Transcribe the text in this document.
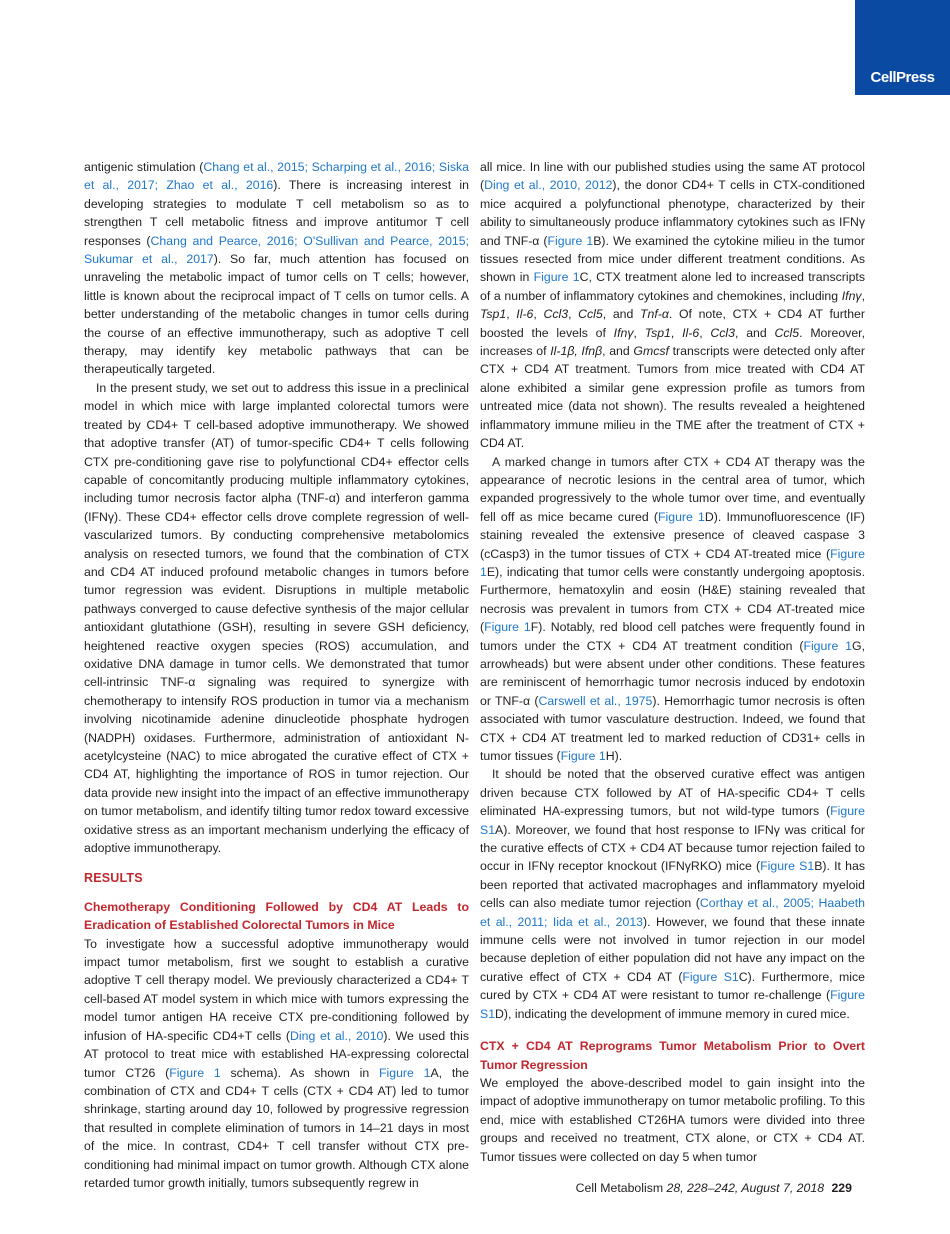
CellPress

antigenic stimulation (Chang et al., 2015; Scharping et al., 2016; Siska et al., 2017; Zhao et al., 2016). There is increasing interest in developing strategies to modulate T cell metabolism so as to strengthen T cell metabolic fitness and improve antitumor T cell responses (Chang and Pearce, 2016; O'Sullivan and Pearce, 2015; Sukumar et al., 2017). So far, much attention has focused on unraveling the metabolic impact of tumor cells on T cells; however, little is known about the reciprocal impact of T cells on tumor cells. A better understanding of the metabolic changes in tumor cells during the course of an effective immunotherapy, such as adoptive T cell therapy, may identify key metabolic pathways that can be therapeutically targeted.

In the present study, we set out to address this issue in a preclinical model in which mice with large implanted colorectal tumors were treated by CD4+ T cell-based adoptive immunotherapy. We showed that adoptive transfer (AT) of tumor-specific CD4+ T cells following CTX pre-conditioning gave rise to polyfunctional CD4+ effector cells capable of concomitantly producing multiple inflammatory cytokines, including tumor necrosis factor alpha (TNF-α) and interferon gamma (IFNγ). These CD4+ effector cells drove complete regression of well-vascularized tumors. By conducting comprehensive metabolomics analysis on resected tumors, we found that the combination of CTX and CD4 AT induced profound metabolic changes in tumors before tumor regression was evident. Disruptions in multiple metabolic pathways converged to cause defective synthesis of the major cellular antioxidant glutathione (GSH), resulting in severe GSH deficiency, heightened reactive oxygen species (ROS) accumulation, and oxidative DNA damage in tumor cells. We demonstrated that tumor cell-intrinsic TNF-α signaling was required to synergize with chemotherapy to intensify ROS production in tumor via a mechanism involving nicotinamide adenine dinucleotide phosphate hydrogen (NADPH) oxidases. Furthermore, administration of antioxidant N-acetylcysteine (NAC) to mice abrogated the curative effect of CTX + CD4 AT, highlighting the importance of ROS in tumor rejection. Our data provide new insight into the impact of an effective immunotherapy on tumor metabolism, and identify tilting tumor redox toward excessive oxidative stress as an important mechanism underlying the efficacy of adoptive immunotherapy.

RESULTS
Chemotherapy Conditioning Followed by CD4 AT Leads to Eradication of Established Colorectal Tumors in Mice

To investigate how a successful adoptive immunotherapy would impact tumor metabolism, first we sought to establish a curative adoptive T cell therapy model. We previously characterized a CD4+ T cell-based AT model system in which mice with tumors expressing the model tumor antigen HA receive CTX pre-conditioning followed by infusion of HA-specific CD4+T cells (Ding et al., 2010). We used this AT protocol to treat mice with established HA-expressing colorectal tumor CT26 (Figure 1 schema). As shown in Figure 1A, the combination of CTX and CD4+ T cells (CTX + CD4 AT) led to tumor shrinkage, starting around day 10, followed by progressive regression that resulted in complete elimination of tumors in 14–21 days in most of the mice. In contrast, CD4+ T cell transfer without CTX pre-conditioning had minimal impact on tumor growth. Although CTX alone retarded tumor growth initially, tumors subsequently regrew in

all mice. In line with our published studies using the same AT protocol (Ding et al., 2010, 2012), the donor CD4+ T cells in CTX-conditioned mice acquired a polyfunctional phenotype, characterized by their ability to simultaneously produce inflammatory cytokines such as IFNγ and TNF-α (Figure 1B). We examined the cytokine milieu in the tumor tissues resected from mice under different treatment conditions. As shown in Figure 1C, CTX treatment alone led to increased transcripts of a number of inflammatory cytokines and chemokines, including Ifnγ, Tsp1, Il-6, Ccl3, Ccl5, and Tnf-α. Of note, CTX + CD4 AT further boosted the levels of Ifnγ, Tsp1, Il-6, Ccl3, and Ccl5. Moreover, increases of Il-1β, Ifnβ, and Gmcsf transcripts were detected only after CTX + CD4 AT treatment. Tumors from mice treated with CD4 AT alone exhibited a similar gene expression profile as tumors from untreated mice (data not shown). The results revealed a heightened inflammatory immune milieu in the TME after the treatment of CTX + CD4 AT.

A marked change in tumors after CTX + CD4 AT therapy was the appearance of necrotic lesions in the central area of tumor, which expanded progressively to the whole tumor over time, and eventually fell off as mice became cured (Figure 1D). Immunofluorescence (IF) staining revealed the extensive presence of cleaved caspase 3 (cCasp3) in the tumor tissues of CTX + CD4 AT-treated mice (Figure 1E), indicating that tumor cells were constantly undergoing apoptosis. Furthermore, hematoxylin and eosin (H&E) staining revealed that necrosis was prevalent in tumors from CTX + CD4 AT-treated mice (Figure 1F). Notably, red blood cell patches were frequently found in tumors under the CTX + CD4 AT treatment condition (Figure 1G, arrowheads) but were absent under other conditions. These features are reminiscent of hemorrhagic tumor necrosis induced by endotoxin or TNF-α (Carswell et al., 1975). Hemorrhagic tumor necrosis is often associated with tumor vasculature destruction. Indeed, we found that CTX + CD4 AT treatment led to marked reduction of CD31+ cells in tumor tissues (Figure 1H).

It should be noted that the observed curative effect was antigen driven because CTX followed by AT of HA-specific CD4+ T cells eliminated HA-expressing tumors, but not wild-type tumors (Figure S1A). Moreover, we found that host response to IFNγ was critical for the curative effects of CTX + CD4 AT because tumor rejection failed to occur in IFNγ receptor knockout (IFNγRKO) mice (Figure S1B). It has been reported that activated macrophages and inflammatory myeloid cells can also mediate tumor rejection (Corthay et al., 2005; Haabeth et al., 2011; Iida et al., 2013). However, we found that these innate immune cells were not involved in tumor rejection in our model because depletion of either population did not have any impact on the curative effect of CTX + CD4 AT (Figure S1C). Furthermore, mice cured by CTX + CD4 AT were resistant to tumor re-challenge (Figure S1D), indicating the development of immune memory in cured mice.

CTX + CD4 AT Reprograms Tumor Metabolism Prior to Overt Tumor Regression

We employed the above-described model to gain insight into the impact of adoptive immunotherapy on tumor metabolic profiling. To this end, mice with established CT26HA tumors were divided into three groups and received no treatment, CTX alone, or CTX + CD4 AT. Tumor tissues were collected on day 5 when tumor

Cell Metabolism 28, 228–242, August 7, 2018 229
